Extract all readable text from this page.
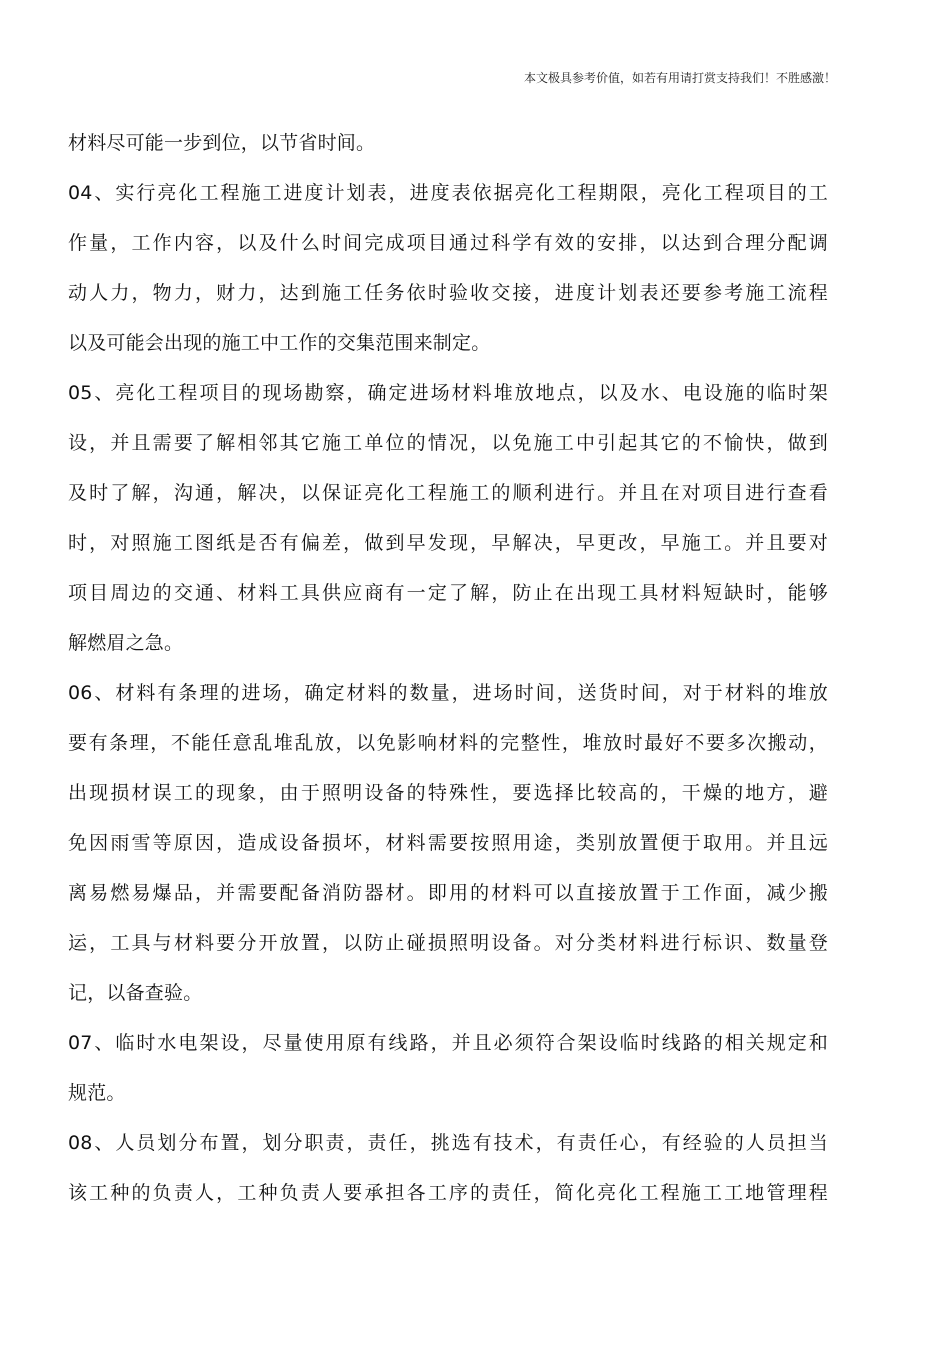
本文极具参考价值，如若有用请打赏支持我们！不胜感激！
材料尽可能一步到位，以节省时间。
04、实行亮化工程施工进度计划表，进度表依据亮化工程期限，亮化工程项目的工
作量，工作内容，以及什么时间完成项目通过科学有效的安排，以达到合理分配调
动人力，物力，财力，达到施工任务依时验收交接，进度计划表还要参考施工流程
以及可能会出现的施工中工作的交集范围来制定。
05、亮化工程项目的现场勘察，确定进场材料堆放地点，以及水、电设施的临时架
设，并且需要了解相邻其它施工单位的情况，以免施工中引起其它的不愉快，做到
及时了解，沟通，解决，以保证亮化工程施工的顺利进行。并且在对项目进行查看
时，对照施工图纸是否有偏差，做到早发现，早解决，早更改，早施工。并且要对
项目周边的交通、材料工具供应商有一定了解，防止在出现工具材料短缺时，能够
解燃眉之急。
06、材料有条理的进场，确定材料的数量，进场时间，送货时间，对于材料的堆放
要有条理，不能任意乱堆乱放，以免影响材料的完整性，堆放时最好不要多次搬动，
出现损材误工的现象，由于照明设备的特殊性，要选择比较高的，干燥的地方，避
免因雨雪等原因，造成设备损坏，材料需要按照用途，类别放置便于取用。并且远
离易燃易爆品，并需要配备消防器材。即用的材料可以直接放置于工作面，减少搬
运，工具与材料要分开放置，以防止碰损照明设备。对分类材料进行标识、数量登
记，以备查验。
07、临时水电架设，尽量使用原有线路，并且必须符合架设临时线路的相关规定和
规范。
08、人员划分布置，划分职责，责任，挑选有技术，有责任心，有经验的人员担当
该工种的负责人，工种负责人要承担各工序的责任，简化亮化工程施工工地管理程
